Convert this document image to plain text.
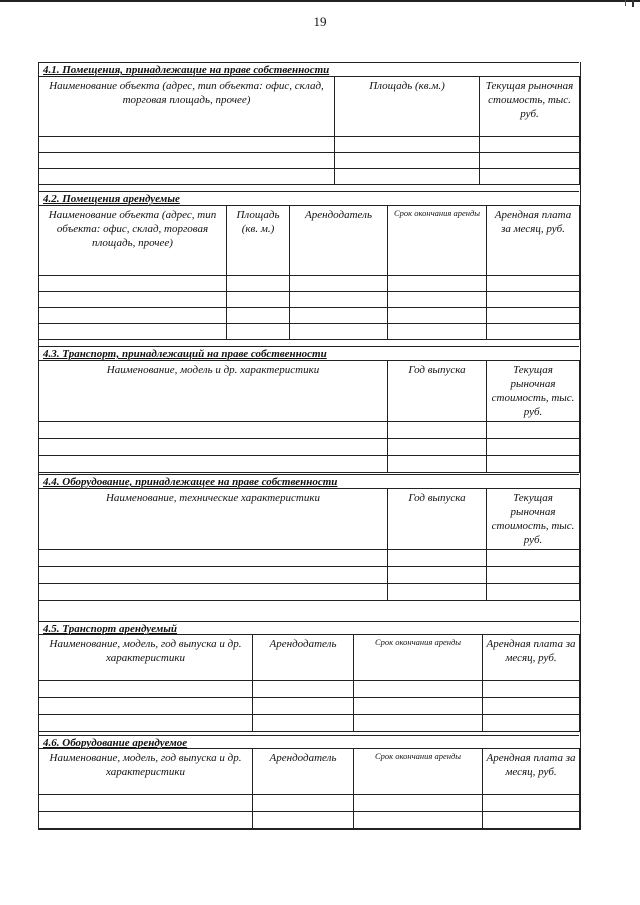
19
4.1. Помещения, принадлежащие на праве собственности
Наименование объекта (адрес, тип объекта: офис, склад, торговая площадь, прочее)	Площадь (кв.м.)	Текущая рыночная стоимость, тыс. руб.

4.2. Помещения арендуемые
Наименование объекта (адрес, тип объекта: офис, склад, торговая площадь, прочее)	Площадь (кв. м.)	Арендодатель	Срок окончания аренды	Арендная плата за месяц, руб.

4.3. Транспорт, принадлежащий на праве собственности
Наименование, модель и др. характеристики	Год выпуска	Текущая рыночная стоимость, тыс. руб.

4.4. Оборудование, принадлежащее на праве собственности
Наименование, технические характеристики	Год выпуска	Текущая рыночная стоимость, тыс. руб.

4.5. Транспорт арендуемый
Наименование, модель, год выпуска и др. характеристики	Арендодатель	Срок окончания аренды	Арендная плата за месяц, руб.

4.6. Оборудование арендуемое
Наименование, модель, год выпуска и др. характеристики	Арендодатель	Срок окончания аренды	Арендная плата за месяц, руб.
